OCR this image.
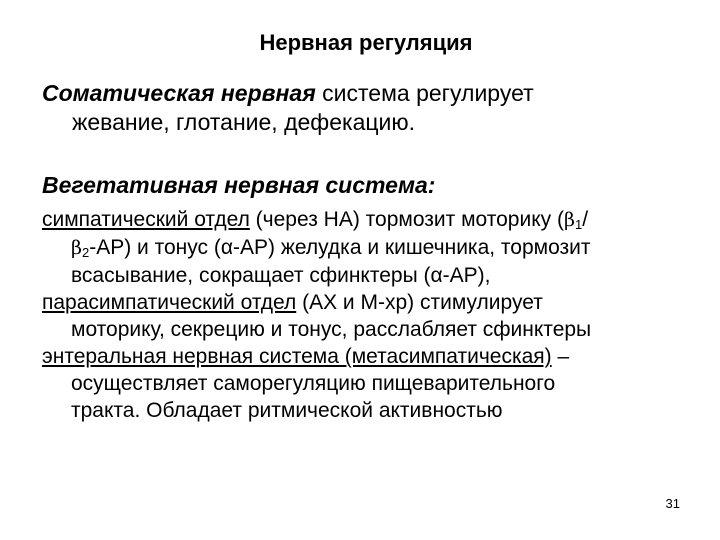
Нервная регуляция
Соматическая нервная система регулирует
жевание, глотание, дефекацию.
Вегетативная нервная система:
симпатический отдел (через НА) тормозит моторику ($\beta_1/$
$\beta_2-АР$) и тонус (α-АР) желудка и кишечника, тормозит
всасывание, сокращает сфинктеры (α-АР),
парасимпатический отдел (АХ и М-хр) стимулирует
моторику, секрецию и тонус, расслабляет сфинктеры
энтеральная нервная система (метасимпатическая) –
осуществляет саморегуляцию пищеварительного
тракта. Обладает ритмической активностью
31
